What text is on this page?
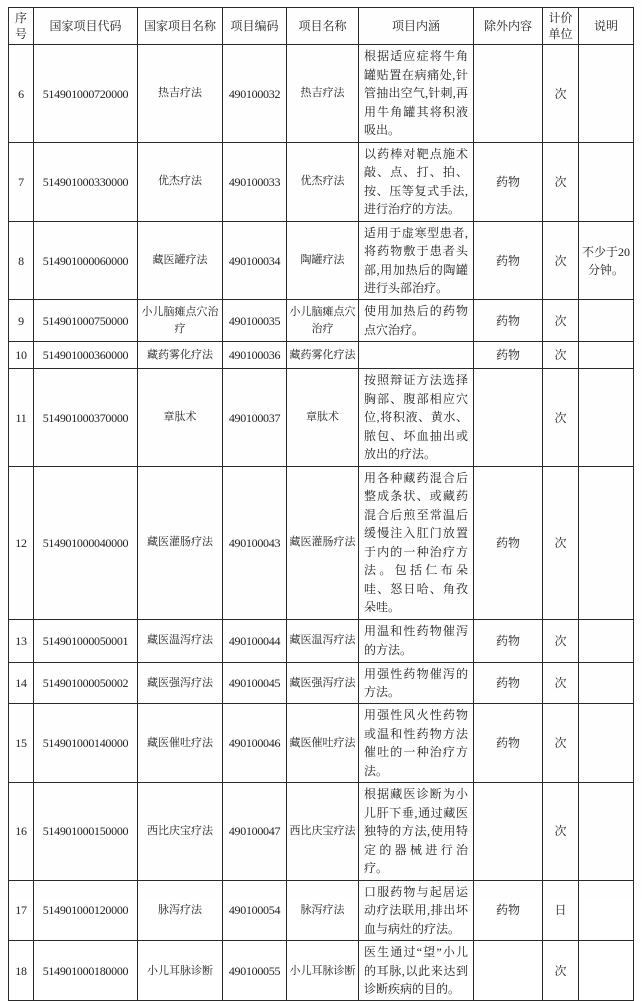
序号	国家项目代码	国家项目名称	项目编码	项目名称	项目内涵	除外内容	计价单位	说明
6	514901000720000	热吉疗法	490100032	热吉疗法	根据适应症将牛角罐贴置在病痛处,针管抽出空气,针刺,再用牛角罐其将积液吸出。		次	
7	514901000330000	优杰疗法	490100033	优杰疗法	以药棒对靶点施术敲、点、打、拍、按、压等复式手法,进行治疗的方法。	药物	次	
8	514901000060000	藏医罐疗法	490100034	陶罐疗法	适用于虚寒型患者,将药物敷于患者头部,用加热后的陶罐进行头部治疗。	药物	次	不少于20分钟。
9	514901000750000	小儿脑瘫点穴治疗	490100035	小儿脑瘫点穴治疗	使用加热后的药物点穴治疗。	药物	次	
10	514901000360000	藏药雾化疗法	490100036	藏药雾化疗法		药物	次	
11	514901000370000	章肽术	490100037	章肽术	按照辩证方法选择胸部、腹部相应穴位,将积液、黄水、脓包、坏血抽出或放出的疗法。		次	
12	514901000040000	藏医灌肠疗法	490100043	藏医灌肠疗法	用各种藏药混合后整成条状、或藏药混合后煎至常温后缓慢注入肛门放置于内的一种治疗方法。包括仁布朵哇、怒日哈、角孜朵哇。	药物	次	
13	514901000050001	藏医温泻疗法	490100044	藏医温泻疗法	用温和性药物催泻的方法。	药物	次	
14	514901000050002	藏医强泻疗法	490100045	藏医强泻疗法	用强性药物催泻的方法。	药物	次	
15	514901000140000	藏医催吐疗法	490100046	藏医催吐疗法	用强性风火性药物或温和性药物方法催吐的一种治疗方法。	药物	次	
16	514901000150000	西比庆宝疗法	490100047	西比庆宝疗法	根据藏医诊断为小儿肝下垂,通过藏医独特的方法,使用特定的器械进行治疗。		次	
17	514901000120000	脉泻疗法	490100054	脉泻疗法	口服药物与起居运动疗法联用,排出坏血与病灶的疗法。	药物	日	
18	514901000180000	小儿耳脉诊断	490100055	小儿耳脉诊断	医生通过“望”小儿的耳脉,以此来达到诊断疾病的目的。		次	
